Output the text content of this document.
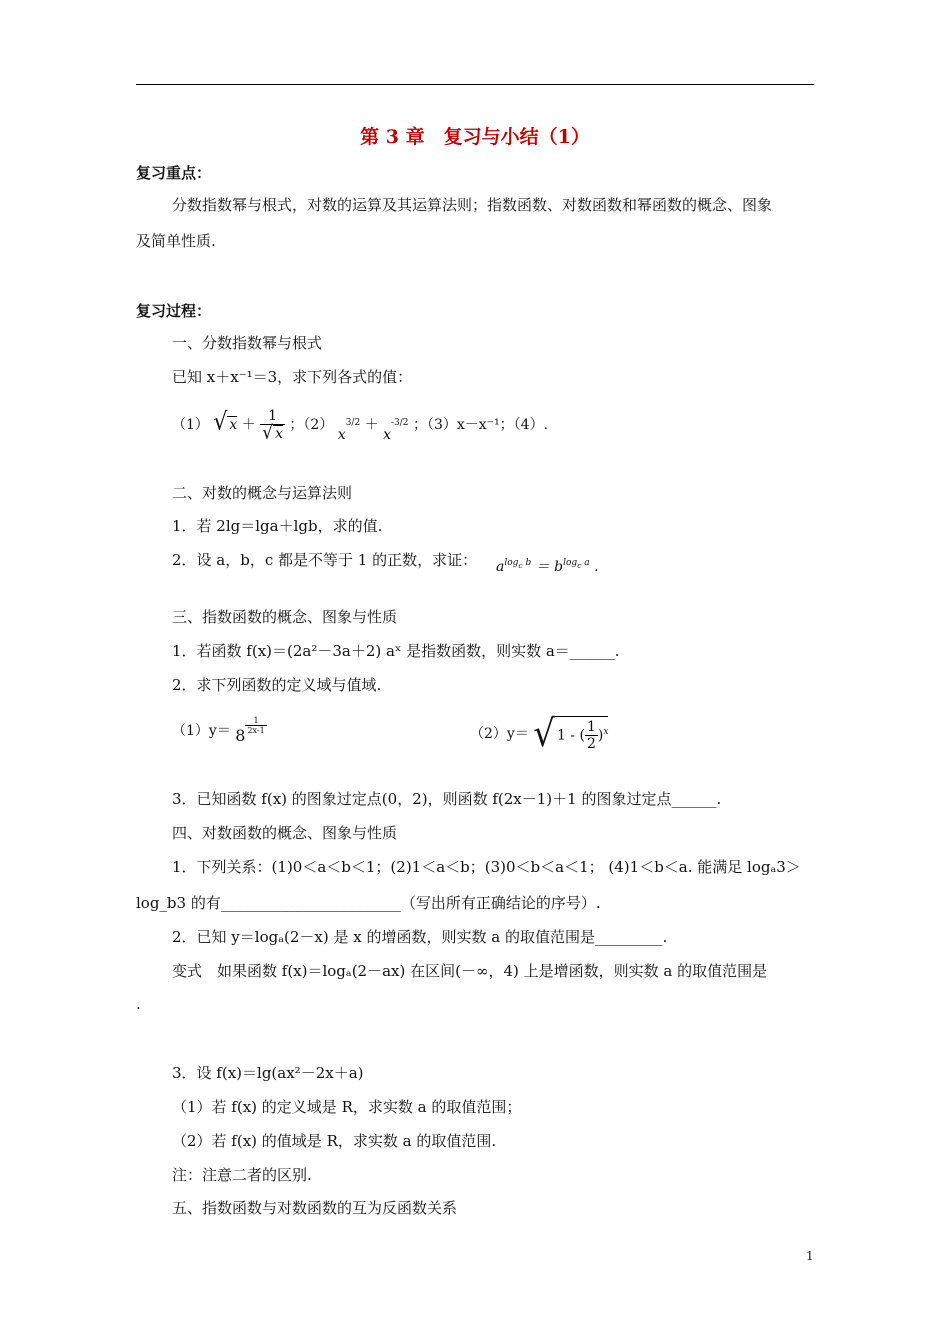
第 3 章　复习与小结（1）
复习重点：
分数指数幂与根式，对数的运算及其运算法则；指数函数、对数函数和幂函数的概念、图象
及简单性质.
复习过程：
一、分数指数幂与根式
已知 x＋x⁻¹＝3，求下列各式的值：
（1） √ $x + \frac{1}{√ x}$ ；（2） $x^{3/2} + x^{-3/2}$ ；（3）x－x⁻¹；（4）.
二、对数的概念与运算法则
1．若 2lg＝lga＋lgb，求的值.
2．设 a，b，c 都是不等于 1 的正数，求证： $a^{log_c b} = b^{log_c a}$ .
三、指数函数的概念、图象与性质
1．若函数 f(x)＝(2a²－3a＋2) aˣ 是指数函数，则实数 a＝______.
2．求下列函数的定义域与值域.
（1）y＝ 8
$\frac{1}{2x-1}$	（2）y＝ √ 1 - ( $\frac{1}{2} )^x$
3．已知函数 f(x) 的图象过定点(0，2)，则函数 f(2x－1)＋1 的图象过定点______.
四、对数函数的概念、图象与性质
1．下列关系：(1)0＜a＜b＜1；(2)1＜a＜b；(3)0＜b＜a＜1； (4)1＜b＜a. 能满足 logₐ3＞
log_b3 的有________________________（写出所有正确结论的序号）.
2．已知 y＝logₐ(2－x) 是 x 的增函数，则实数 a 的取值范围是_________.
变式　如果函数 f(x)＝logₐ(2－ax) 在区间(－∞，4) 上是增函数，则实数 a 的取值范围是
.
3．设 f(x)＝lg(ax²－2x＋a)
（1）若 f(x) 的定义域是 R，求实数 a 的取值范围；
（2）若 f(x) 的值域是 R，求实数 a 的取值范围.
注：注意二者的区别.
五、指数函数与对数函数的互为反函数关系
1
